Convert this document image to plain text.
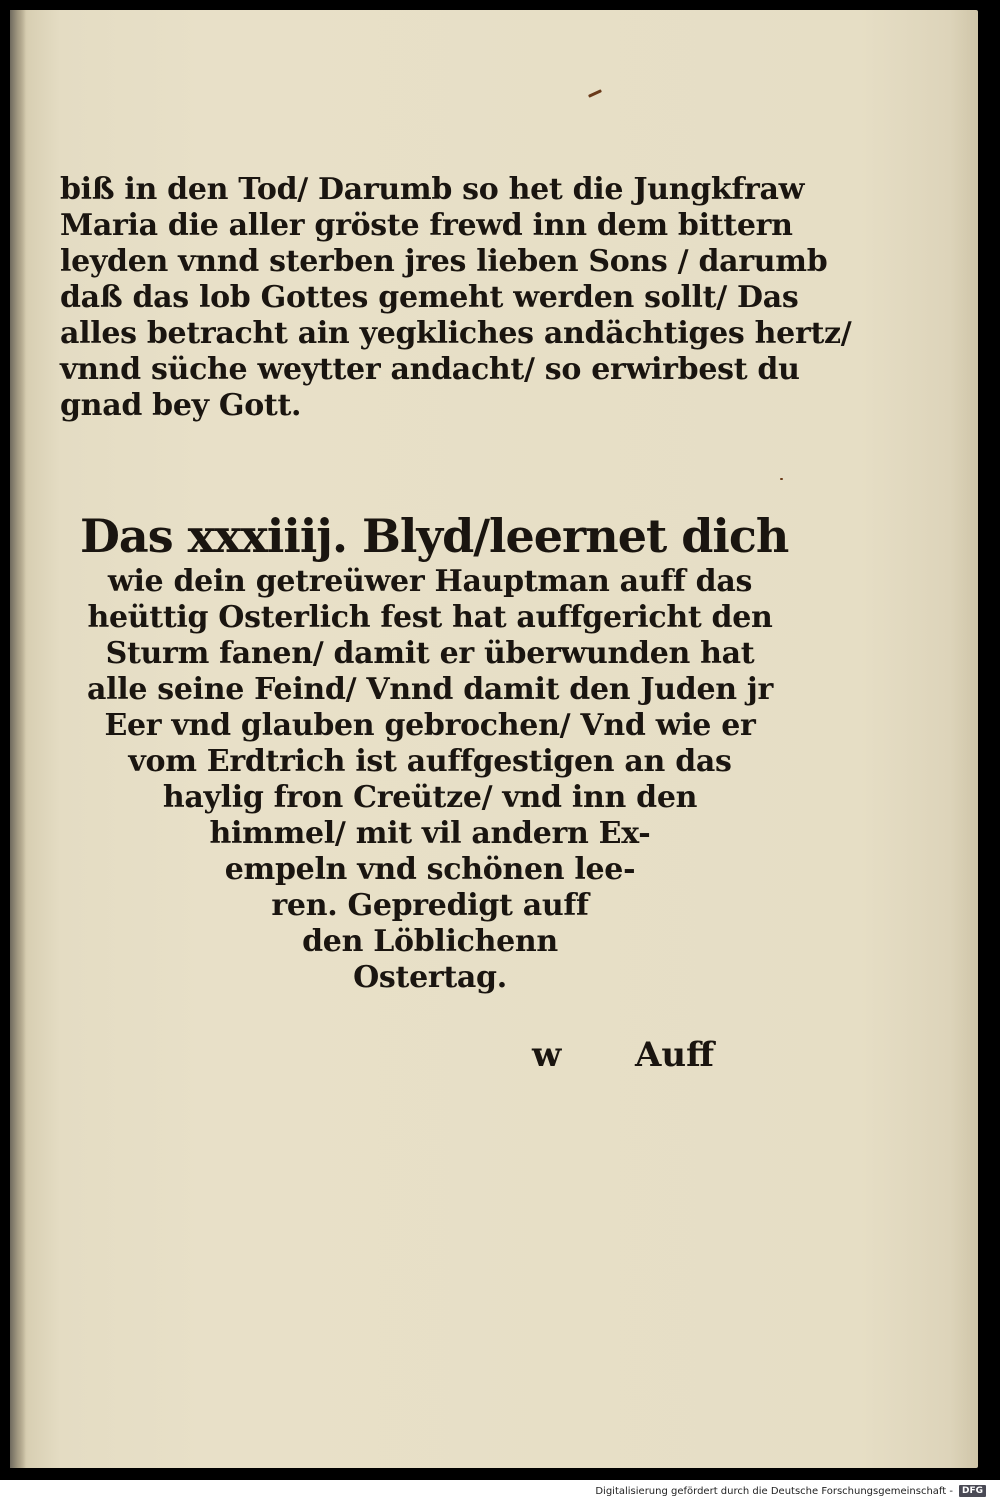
biß in den Tod/ Darumb so het die Jungkfraw
Maria die aller gröste frewd inn dem bittern
leyden vnnd sterben jres lieben Sons / darumb
daß das lob Gottes gemeht werden sollt/ Das
alles betracht ain yegkliches andächtiges hertz/
vnnd süche weytter andacht/ so erwirbest du
gnad bey Gott.
Das xxxiiij. Blyd/leernet dich
wie dein getreüwer Hauptman auff das
heüttig Osterlich fest hat auffgericht den
Sturm fanen/ damit er überwunden hat
alle seine Feind/ Vnnd damit den Juden jr
Eer vnd glauben gebrochen/ Vnd wie er
vom Erdtrich ist auffgestigen an das
haylig fron Creütze/ vnd inn den
himmel/ mit vil andern Ex-
empeln vnd schönen lee-
ren. Gepredigt auff
den Löblichenn
Ostertag.
w Auff
Digitalisierung gefördert durch die Deutsche Forschungsgemeinschaft -	DFG
